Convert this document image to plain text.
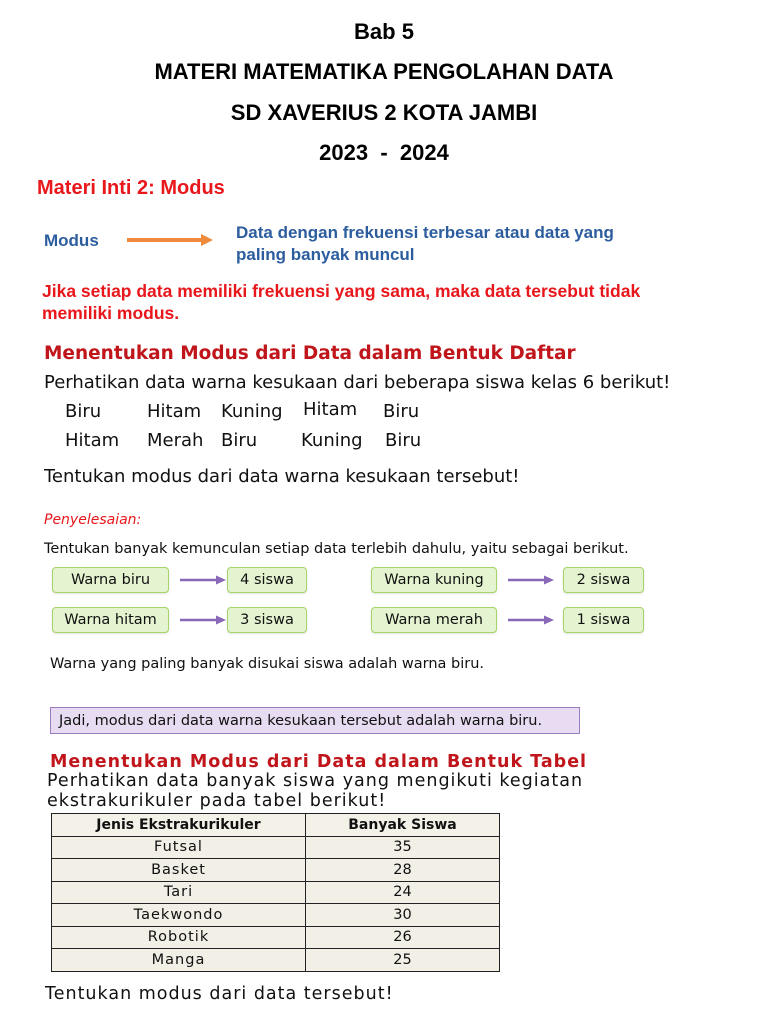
Bab 5
MATERI MATEMATIKA PENGOLAHAN DATA
SD XAVERIUS 2 KOTA JAMBI
2023  -  2024
Materi Inti 2: Modus
Modus	Data dengan frekuensi terbesar atau data yang
paling banyak muncul
Jika setiap data memiliki frekuensi yang sama, maka data tersebut tidak
memiliki modus.
Menentukan Modus dari Data dalam Bentuk Daftar
Perhatikan data warna kesukaan dari beberapa siswa kelas 6 berikut!
Biru	Hitam Kuning Hitam Biru
Hitam Merah Biru Kuning Biru
Tentukan modus dari data warna kesukaan tersebut!
Penyelesaian:
Tentukan banyak kemunculan setiap data terlebih dahulu, yaitu sebagai berikut.
Warna biru	4 siswa	Warna kuning	2 siswa
Warna hitam	3 siswa	Warna merah	1 siswa
Warna yang paling banyak disukai siswa adalah warna biru.
Jadi, modus dari data warna kesukaan tersebut adalah warna biru.
Menentukan Modus dari Data dalam Bentuk Tabel
Perhatikan data banyak siswa yang mengikuti kegiatan
ekstrakurikuler pada tabel berikut!
Jenis Ekstrakurikuler	Banyak Siswa
Futsal	35
Basket	28
Tari	24
Taekwondo	30
Robotik	26
Manga	25
Tentukan modus dari data tersebut!
